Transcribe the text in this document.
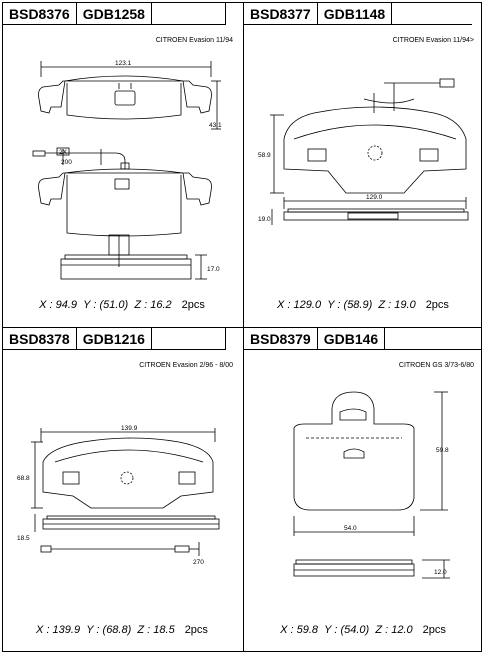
BSD8376 GDB1258
CITROEN Evasion 11/94
123.1
43.1
2X
200
17.0
X : 94.9 Y : (51.0) Z : 16.2 2pcs
BSD8377 GDB1148
CITROEN Evasion 11/94>
58.9
129.0
19.0
X : 129.0 Y : (58.9) Z : 19.0 2pcs
BSD8378 GDB1216
CITROEN Evasion 2/96 - 8/00
139.9
68.8
18.5
270
X : 139.9 Y : (68.8) Z : 18.5 2pcs
BSD8379 GDB146
CITROEN GS 3/73-6/80
59.8
54.0
12.0
X : 59.8 Y : (54.0) Z : 12.0 2pcs
